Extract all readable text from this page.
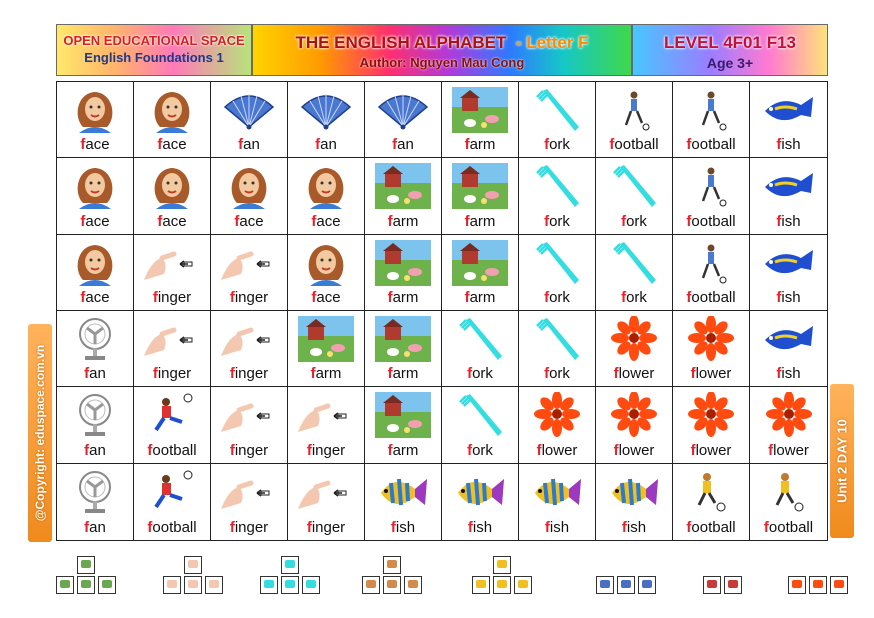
OPEN EDUCATIONAL SPACE
English Foundations 1
THE ENGLISH ALPHABET - Letter F
Author: Nguyen Mau Cong
LEVEL 4F01 F13
Age 3+
@Copyright: eduspace.com.vn	Unit 2 DAY 10
face	face	fan	fan	fan	farm	fork	football	football	fish
face	face	face	face	farm	farm	fork	fork	football	fish
face	finger	finger	face	farm	farm	fork	fork	football	fish
fan	finger	finger	farm	farm	fork	fork	flower	flower	fish
fan	football	finger	finger	farm	fork	flower	flower	flower	flower
fan	football	finger	finger	fish	fish	fish	fish	football	football
